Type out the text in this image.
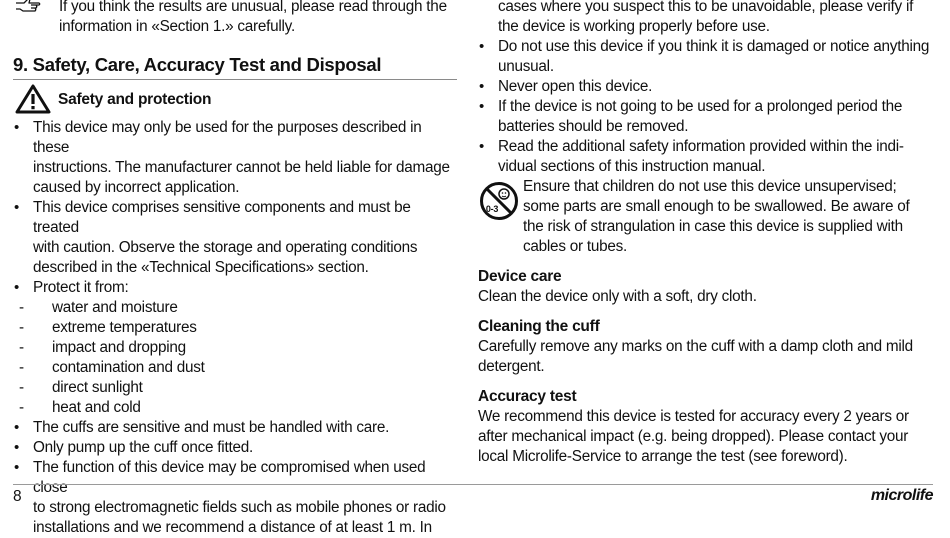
If you think the results are unusual, please read through the
information in «Section 1.» carefully.
9. Safety, Care, Accuracy Test and Disposal
Safety and protection
• This device may only be used for the purposes described in these
instructions. The manufacturer cannot be held liable for damage
caused by incorrect application.
• This device comprises sensitive components and must be treated
with caution. Observe the storage and operating conditions
described in the «Technical Specifications» section.
• Protect it from:
- water and moisture
- extreme temperatures
- impact and dropping
- contamination and dust
- direct sunlight
- heat and cold
• The cuffs are sensitive and must be handled with care.
• Only pump up the cuff once fitted.
• The function of this device may be compromised when used close
to strong electromagnetic fields such as mobile phones or radio
installations and we recommend a distance of at least 1 m. In
cases where you suspect this to be unavoidable, please verify if
the device is working properly before use.
• Do not use this device if you think it is damaged or notice anything
unusual.
• Never open this device.
• If the device is not going to be used for a prolonged period the
batteries should be removed.
• Read the additional safety information provided within the indi-
vidual sections of this instruction manual.
0-3
Ensure that children do not use this device unsupervised;
some parts are small enough to be swallowed. Be aware of
the risk of strangulation in case this device is supplied with
cables or tubes.
Device care
Clean the device only with a soft, dry cloth.
Cleaning the cuff
Carefully remove any marks on the cuff with a damp cloth and mild
detergent.
Accuracy test
We recommend this device is tested for accuracy every 2 years or
after mechanical impact (e.g. being dropped). Please contact your
local Microlife-Service to arrange the test (see foreword).
8	microlife
